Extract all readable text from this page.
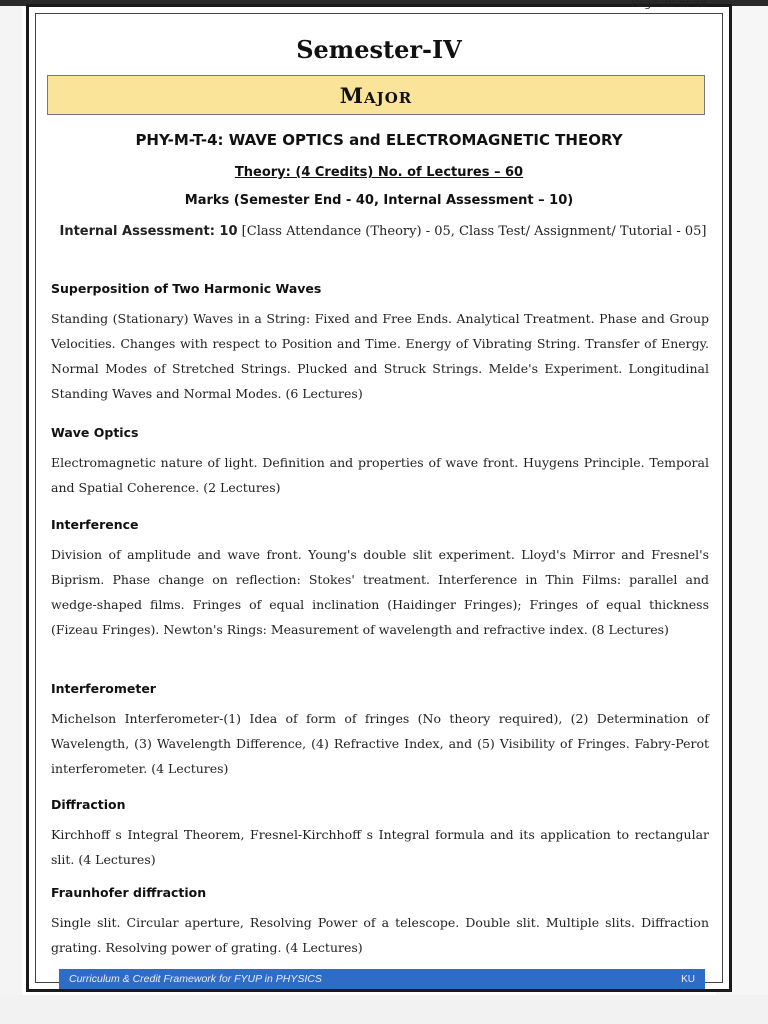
Page 30 of 38
Semester-IV
Major
PHY-M-T-4: WAVE OPTICS and ELECTROMAGNETIC THEORY
Theory: (4 Credits) No. of Lectures – 60
Marks (Semester End - 40, Internal Assessment – 10)
Internal Assessment: 10 [Class Attendance (Theory) - 05, Class Test/ Assignment/ Tutorial - 05]
Superposition of Two Harmonic Waves
Standing (Stationary) Waves in a String: Fixed and Free Ends. Analytical Treatment. Phase and Group Velocities. Changes with respect to Position and Time. Energy of Vibrating String. Transfer of Energy. Normal Modes of Stretched Strings. Plucked and Struck Strings. Melde's Experiment. Longitudinal Standing Waves and Normal Modes. (6 Lectures)
Wave Optics
Electromagnetic nature of light. Definition and properties of wave front. Huygens Principle. Temporal and Spatial Coherence. (2 Lectures)
Interference
Division of amplitude and wave front. Young's double slit experiment. Lloyd's Mirror and Fresnel's Biprism. Phase change on reflection: Stokes' treatment. Interference in Thin Films: parallel and wedge-shaped films. Fringes of equal inclination (Haidinger Fringes); Fringes of equal thickness (Fizeau Fringes). Newton's Rings: Measurement of wavelength and refractive index. (8 Lectures)
Interferometer
Michelson Interferometer-(1) Idea of form of fringes (No theory required), (2) Determination of Wavelength, (3) Wavelength Difference, (4) Refractive Index, and (5) Visibility of Fringes. Fabry-Perot interferometer. (4 Lectures)
Diffraction
Kirchhoff s Integral Theorem, Fresnel-Kirchhoff s Integral formula and its application to rectangular slit. (4 Lectures)
Fraunhofer diffraction
Single slit. Circular aperture, Resolving Power of a telescope. Double slit. Multiple slits. Diffraction grating. Resolving power of grating. (4 Lectures)
Curriculum & Credit Framework for FYUP in PHYSICS	KU
